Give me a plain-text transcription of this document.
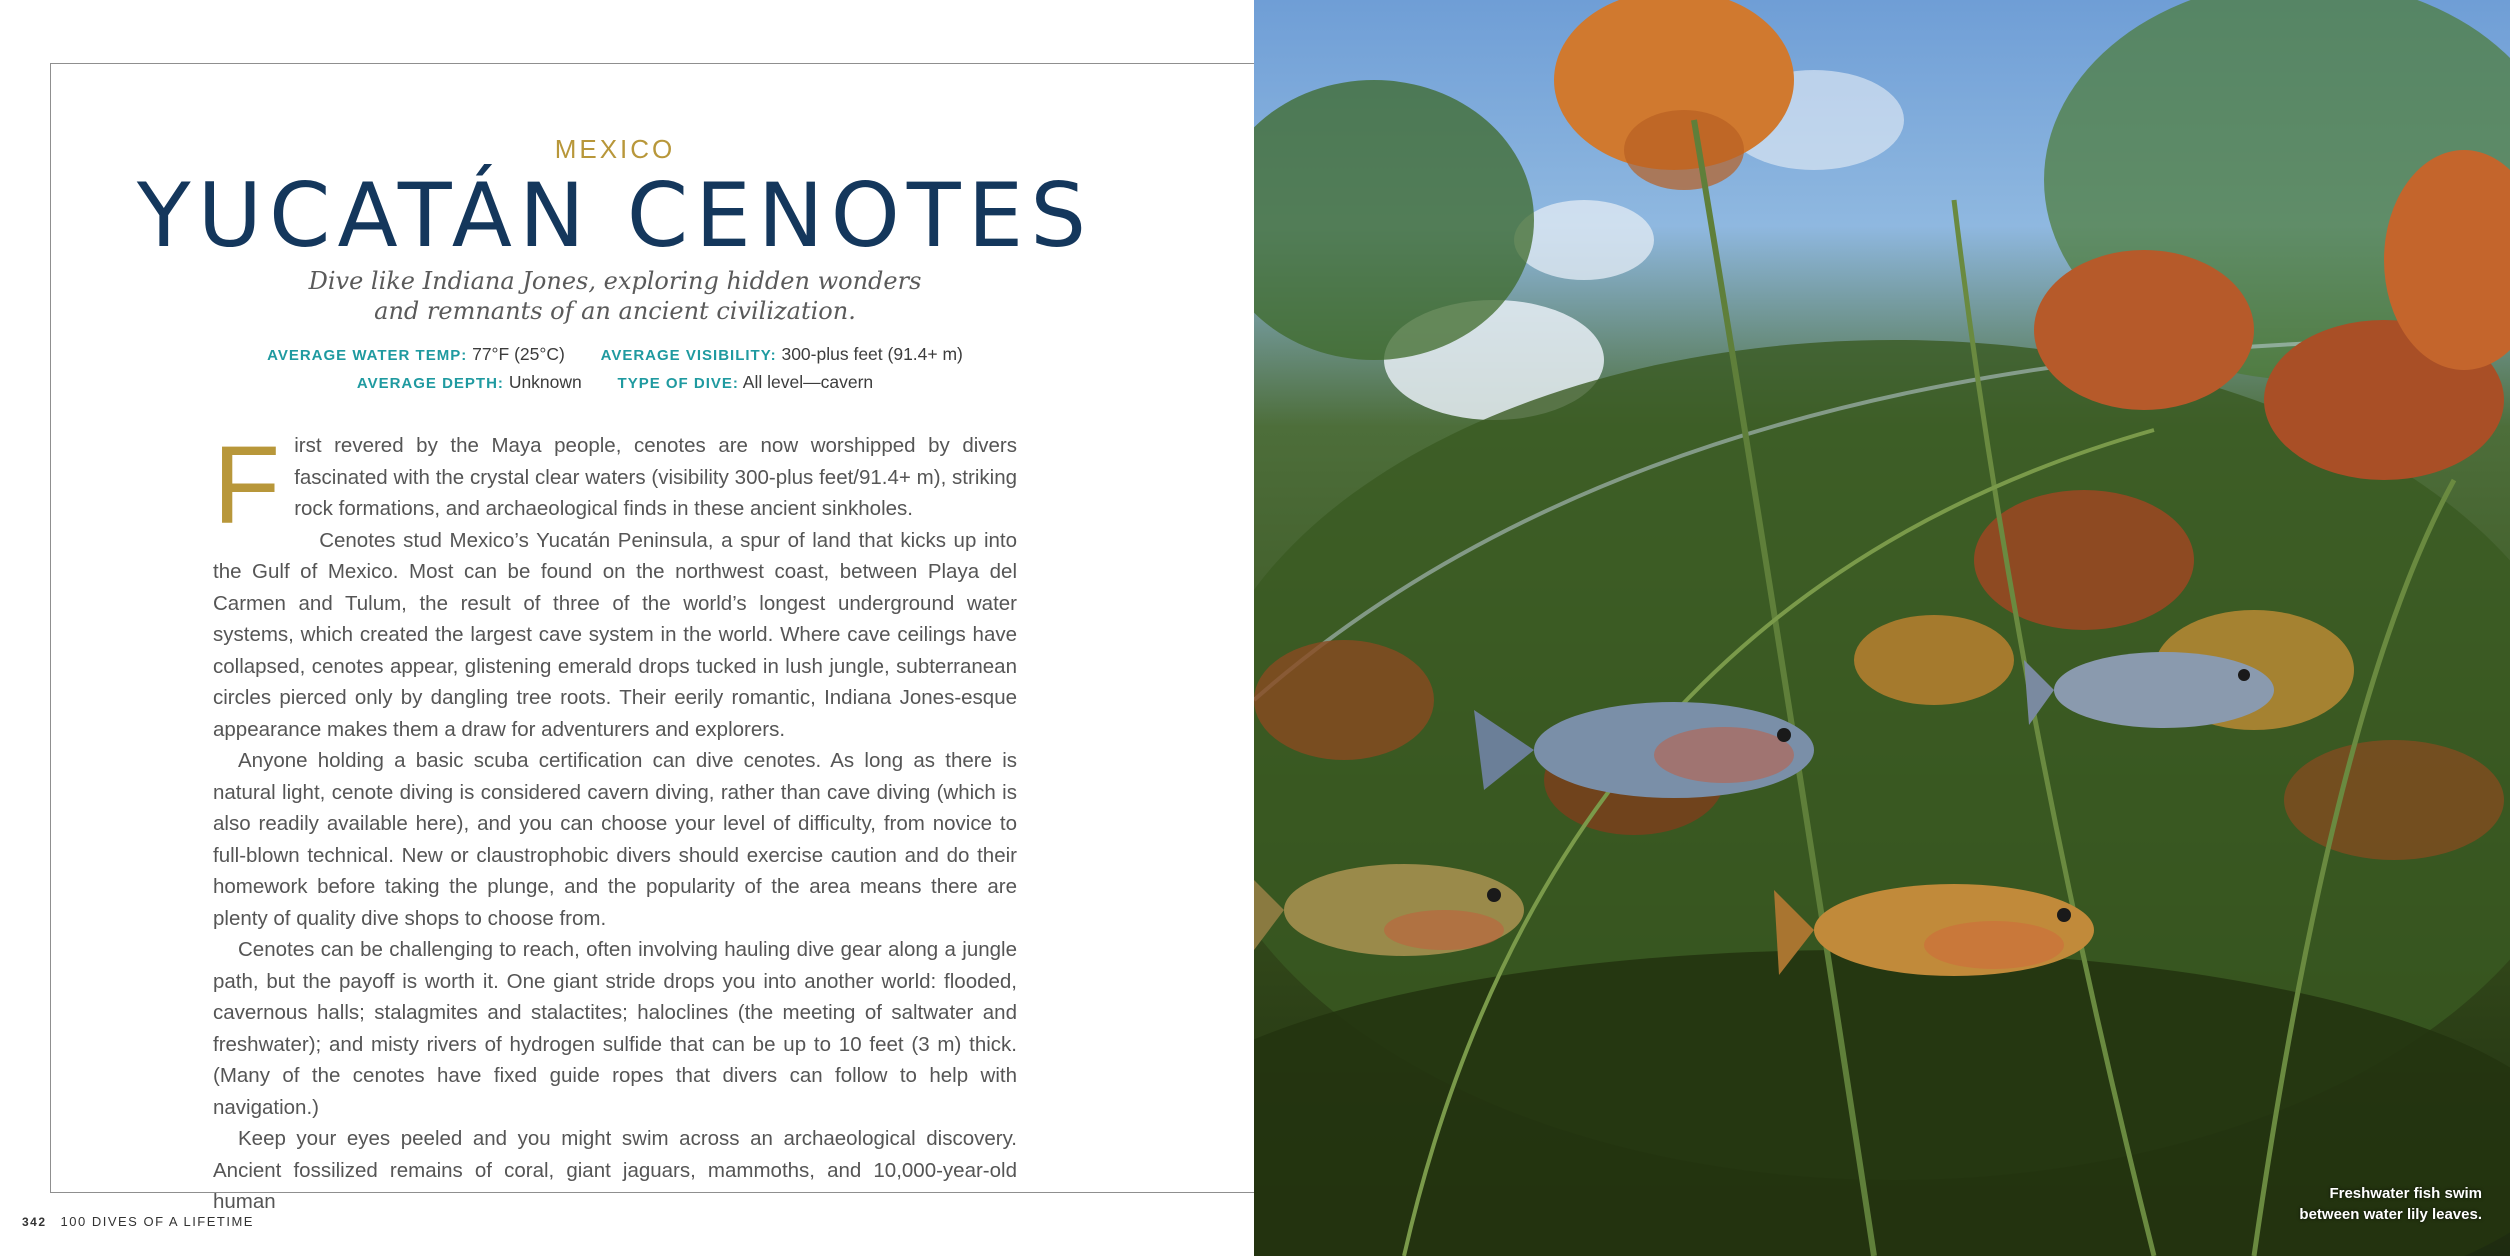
MEXICO
YUCATÁN CENOTES
Dive like Indiana Jones, exploring hidden wonders
and remnants of an ancient civilization.
AVERAGE WATER TEMP: 77°F (25°C) AVERAGE VISIBILITY: 300-plus feet (91.4+ m)
AVERAGE DEPTH: Unknown TYPE OF DIVE: All level—cavern

First revered by the Maya people, cenotes are now worshipped by divers fascinated with the crystal clear waters (visibility 300-plus feet/91.4+ m), striking rock formations, and archaeological finds in these ancient sinkholes.

Cenotes stud Mexico’s Yucatán Peninsula, a spur of land that kicks up into the Gulf of Mexico. Most can be found on the northwest coast, between Playa del Carmen and Tulum, the result of three of the world’s longest underground water systems, which created the largest cave system in the world. Where cave ceilings have collapsed, cenotes appear, glistening emerald drops tucked in lush jungle, subterranean circles pierced only by dangling tree roots. Their eerily romantic, Indiana Jones-esque appearance makes them a draw for adventurers and explorers.

Anyone holding a basic scuba certification can dive cenotes. As long as there is natural light, cenote diving is considered cavern diving, rather than cave diving (which is also readily available here), and you can choose your level of difficulty, from novice to full-blown technical. New or claustrophobic divers should exercise caution and do their homework before taking the plunge, and the popularity of the area means there are plenty of quality dive shops to choose from.

Cenotes can be challenging to reach, often involving hauling dive gear along a jungle path, but the payoff is worth it. One giant stride drops you into another world: flooded, cavernous halls; stalagmites and stalactites; haloclines (the meeting of saltwater and freshwater); and misty rivers of hydrogen sulfide that can be up to 10 feet (3 m) thick. (Many of the cenotes have fixed guide ropes that divers can follow to help with navigation.)

Keep your eyes peeled and you might swim across an archaeological discovery. Ancient fossilized remains of coral, giant jaguars, mammoths, and 10,000-year-old human

342 100 DIVES OF A LIFETIME
Freshwater fish swim
between water lily leaves.
